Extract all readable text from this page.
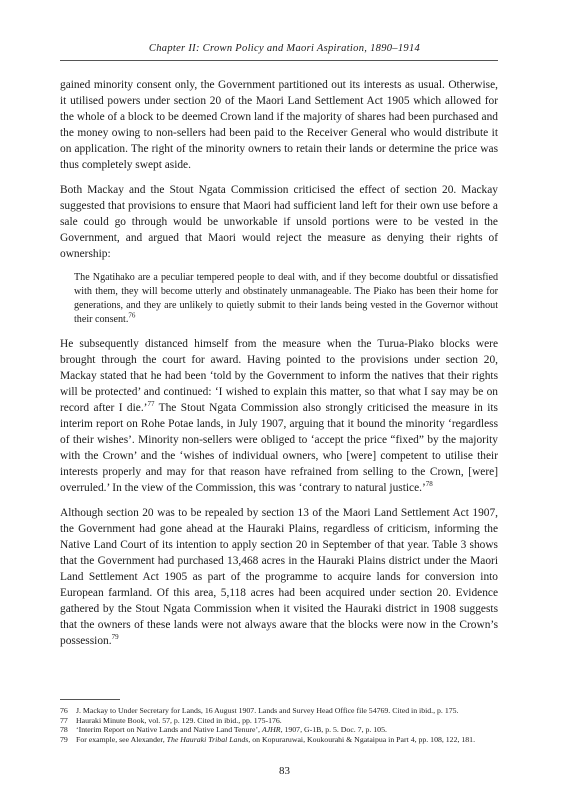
Chapter II: Crown Policy and Maori Aspiration, 1890–1914

gained minority consent only, the Government partitioned out its interests as usual. Otherwise, it utilised powers under section 20 of the Maori Land Settlement Act 1905 which allowed for the whole of a block to be deemed Crown land if the majority of shares had been purchased and the money owing to non-sellers had been paid to the Receiver General who would distribute it on application. The right of the minority owners to retain their lands or determine the price was thus completely swept aside.

Both Mackay and the Stout Ngata Commission criticised the effect of section 20. Mackay suggested that provisions to ensure that Maori had sufficient land left for their own use before a sale could go through would be unworkable if unsold portions were to be vested in the Government, and argued that Maori would reject the measure as denying their rights of ownership:

The Ngatihako are a peculiar tempered people to deal with, and if they become doubtful or dissatisfied with them, they will become utterly and obstinately unmanageable. The Piako has been their home for generations, and they are unlikely to quietly submit to their lands being vested in the Governor without their consent.$^{76}$

He subsequently distanced himself from the measure when the Turua-Piako blocks were brought through the court for award. Having pointed to the provisions under section 20, Mackay stated that he had been ‘told by the Government to inform the natives that their rights will be protected’ and continued: ‘I wished to explain this matter, so that what I say may be on record after I die.’$^{77}$ The Stout Ngata Commission also strongly criticised the measure in its interim report on Rohe Potae lands, in July 1907, arguing that it bound the minority ‘regardless of their wishes’. Minority non-sellers were obliged to ‘accept the price “fixed” by the majority with the Crown’ and the ‘wishes of individual owners, who [were] competent to utilise their interests properly and may for that reason have refrained from selling to the Crown, [were] overruled.’ In the view of the Commission, this was ‘contrary to natural justice.’$^{78}$

Although section 20 was to be repealed by section 13 of the Maori Land Settlement Act 1907, the Government had gone ahead at the Hauraki Plains, regardless of criticism, informing the Native Land Court of its intention to apply section 20 in September of that year. Table 3 shows that the Government had purchased 13,468 acres in the Hauraki Plains district under the Maori Land Settlement Act 1905 as part of the programme to acquire lands for conversion into European farmland. Of this area, 5,118 acres had been acquired under section 20. Evidence gathered by the Stout Ngata Commission when it visited the Hauraki district in 1908 suggests that the owners of these lands were not always aware that the blocks were now in the Crown’s possession.$^{79}$

76	J. Mackay to Under Secretary for Lands, 16 August 1907. Lands and Survey Head Office file 54769. Cited in ibid., p. 175.
77	Hauraki Minute Book, vol. 57, p. 129. Cited in ibid., pp. 175-176.
78	‘Interim Report on Native Lands and Native Land Tenure’, AJHR, 1907, G-1B, p. 5. Doc. 7, p. 105.
79	For example, see Alexander, The Hauraki Tribal Lands, on Kopuraruwai, Koukourahi & Ngataipua in Part 4, pp. 108, 122, 181.
83
